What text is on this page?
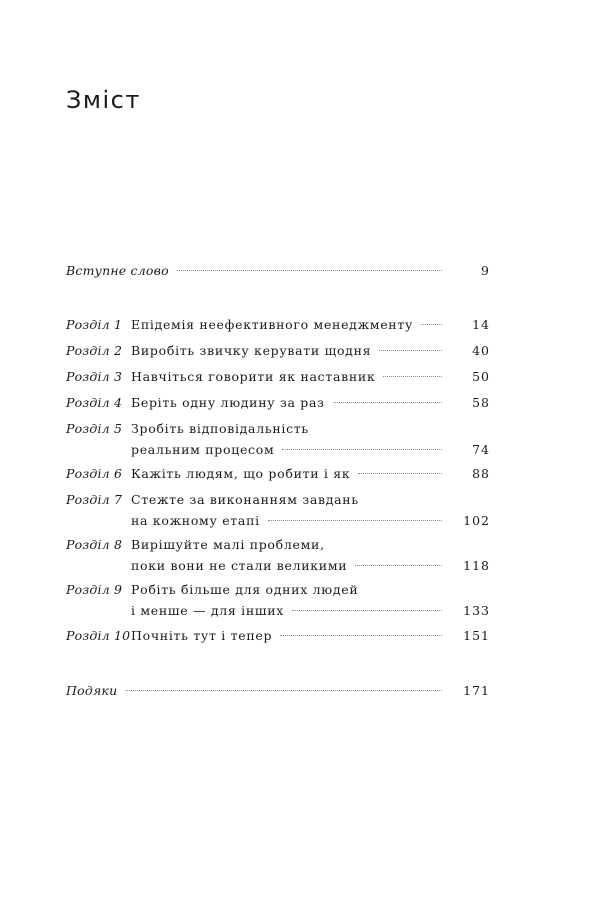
Зміст
Вступне слово	9
Розділ 1 Епідемія неефективного менеджменту	14
Розділ 2 Виробіть звичку керувати щодня	40
Розділ 3 Навчіться говорити як наставник	50
Розділ 4 Беріть одну людину за раз	58
Розділ 5 Зробіть відповідальність
реальним процесом	74
Розділ 6 Кажіть людям, що робити і як	88
Розділ 7 Стежте за виконанням завдань
на кожному етапі	102
Розділ 8 Вирішуйте малі проблеми,
поки вони не стали великими	118
Розділ 9 Робіть більше для одних людей
і менше — для інших	133
Розділ 10 Почніть тут і тепер	151
Подяки	171
